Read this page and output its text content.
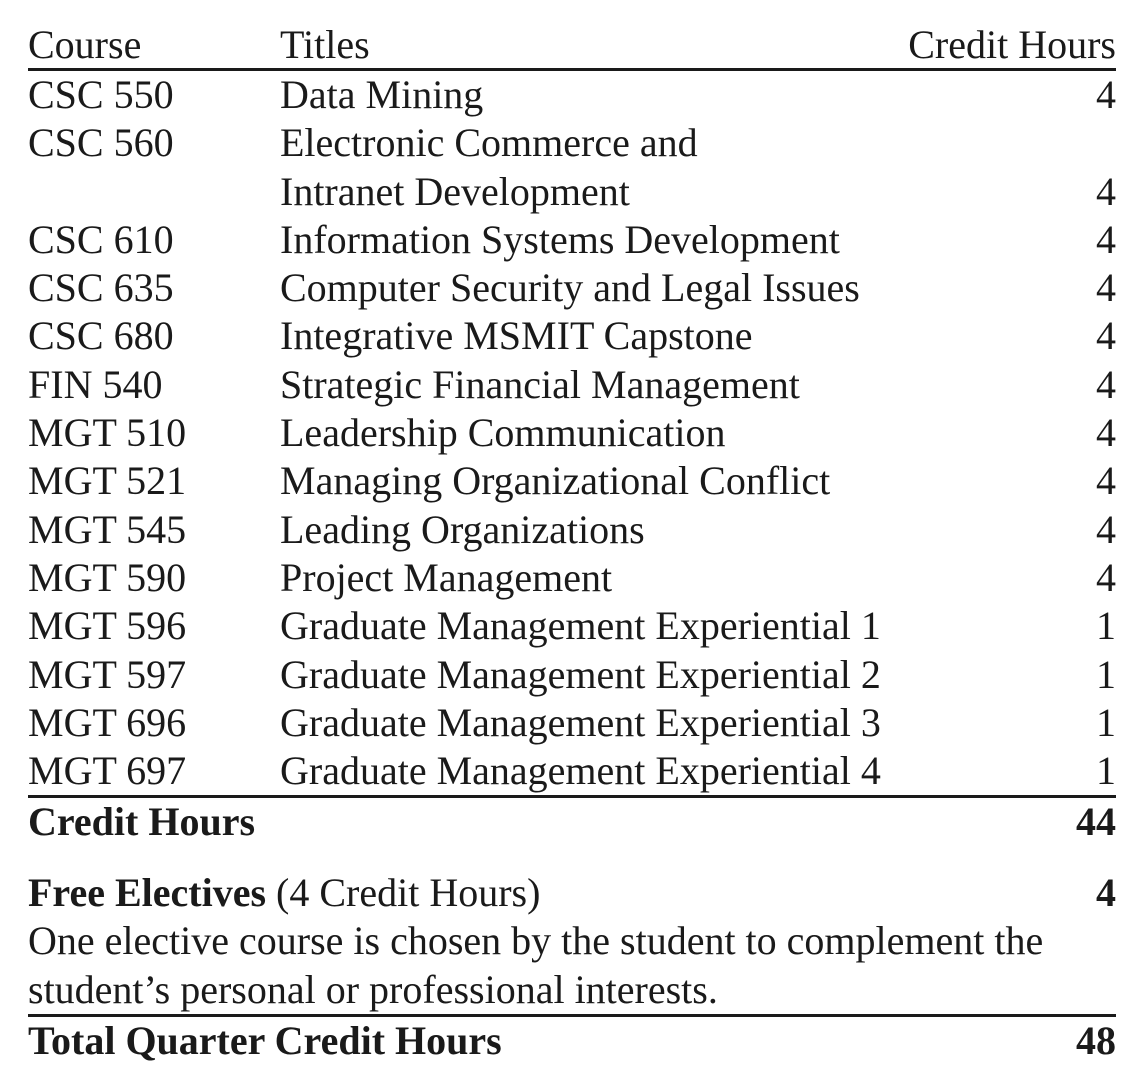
Course	Titles	Credit Hours
CSC 550	Data Mining	4
CSC 560	Electronic Commerce and
Intranet Development	4
CSC 610	Information Systems Development	4
CSC 635	Computer Security and Legal Issues	4
CSC 680	Integrative MSMIT Capstone	4
FIN 540	Strategic Financial Management	4
MGT 510	Leadership Communication	4
MGT 521	Managing Organizational Conflict	4
MGT 545	Leading Organizations	4
MGT 590	Project Management	4
MGT 596	Graduate Management Experiential 1	1
MGT 597	Graduate Management Experiential 2	1
MGT 696	Graduate Management Experiential 3	1
MGT 697	Graduate Management Experiential 4	1
Credit Hours	44
Free Electives (4 Credit Hours)	4
One elective course is chosen by the student to complement the
student’s personal or professional interests.
Total Quarter Credit Hours	48
